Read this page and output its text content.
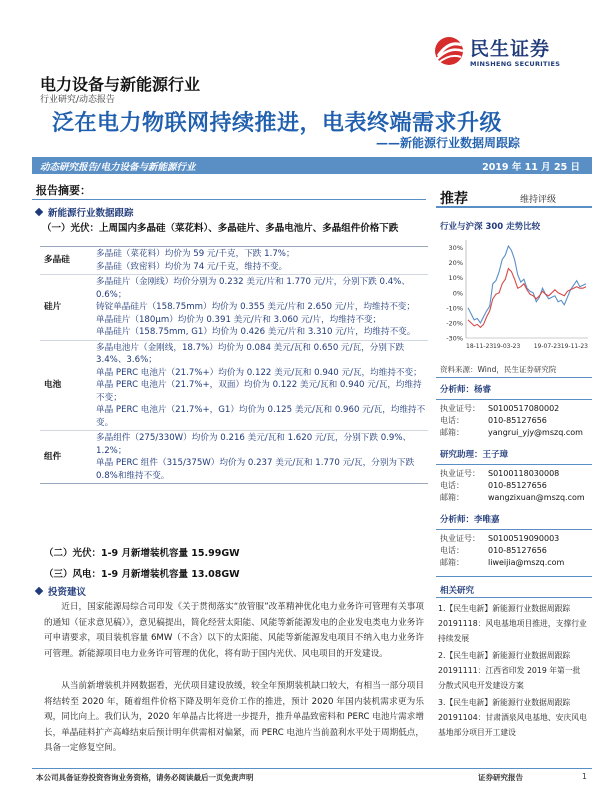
民生证券
MINSHENG SECURITIES
电力设备与新能源行业
行业研究/动态报告
泛在电力物联网持续推进，电表终端需求升级
——新能源行业数据周跟踪
动态研究报告/电力设备与新能源行业	2019 年 11 月 25 日
报告摘要：
新能源行业数据跟踪
（一）光伏：上周国内多晶硅（菜花料）、多晶硅片、多晶电池片、多晶组件价格下跌
多晶硅	多晶硅（菜花料）均价为 59 元/千克，下跌 1.7%；
多晶硅（致密料）均价为 74 元/千克，维持不变。
硅片	多晶硅片（金刚线）均价分别为 0.232 美元/片和 1.770 元/片，分别下跌 0.4%、0.6%；
铸锭单晶硅片（158.75mm）均价为 0.355 美元/片和 2.650 元/片，均维持不变；
单晶硅片（180μm）均价为 0.391 美元/片和 3.060 元/片，均维持不变；
单晶硅片（158.75mm, G1）均价为 0.426 美元/片和 3.310 元/片，均维持不变。
电池	多晶电池片（金刚线，18.7%）均价为 0.084 美元/瓦和 0.650 元/瓦，分别下跌 3.4%、3.6%；
单晶 PERC 电池片（21.7%+）均价为 0.122 美元/瓦和 0.940 元/瓦，均维持不变；
单晶 PERC 电池片（21.7%+，双面）均价为 0.122 美元/瓦和 0.940 元/瓦，均维持不变；
单晶 PERC 电池片（21.7%+，G1）均价为 0.125 美元/瓦和 0.960 元/瓦，均维持不变。
组件	多晶组件（275/330W）均价为 0.216 美元/瓦和 1.620 元/瓦，分别下跌 0.9%、1.2%；
单晶 PERC 组件（315/375W）均价为 0.237 美元/瓦和 1.770 元/瓦，分别为下跌 0.8%和维持不变。
（二）光伏：1-9 月新增装机容量 15.99GW
（三）风电：1-9 月新增装机容量 13.08GW
投资建议
近日，国家能源局综合司印发《关于贯彻落实“放管服”改革精神优化电力业务许可管理有关事项的通知（征求意见稿）》，意见稿提出，简化经营太阳能、风能等新能源发电的企业发电类电力业务许可申请要求，项目装机容量 6MW（不含）以下的太阳能、风能等新能源发电项目不纳入电力业务许可管理。新能源项目电力业务许可管理的优化，将有助于国内光伏、风电项目的开发建设。
从当前新增装机并网数据看，光伏项目建设放缓，较全年预期装机缺口较大，有相当一部分项目将结转至 2020 年，随着组件价格下降及明年竞价工作的推进，预计 2020 年国内装机需求更为乐观，同比向上。我们认为，2020 年单晶占比将进一步提升，推升单晶致密料和 PERC 电池片需求增长，单晶硅料扩产高峰结束后预计明年供需相对偏紧，而 PERC 电池片当前盈利水平处于周期低点，具备一定修复空间。
推荐	维持评级
行业与沪深 300 走势比较
30%
20%
10%
0%
-10%
-20%
-30%
18-11-23 19-03-23 19-07-23 19-11-23
资料来源：Wind，民生证券研究院
分析师：杨睿
执业证号： S0100517080002
电话：	010-85127656
邮箱：	yangrui_yjy@mszq.com
研究助理：王子璋
执业证号： S0100118030008
电话：	010-85127656
邮箱：	wangzixuan@mszq.com
分析师：李唯嘉
执业证号： S0100519090003
电话：	010-85127656
邮箱：	liweijia@mszq.com
相关研究
1.【民生电新】新能源行业数据周跟踪20191118：风电基地项目推进，支撑行业持续发展
2.【民生电新】新能源行业数据周跟踪20191111：江西省印发 2019 年第一批分散式风电开发建设方案
3.【民生电新】新能源行业数据周跟踪20191104：甘肃酒泉风电基地、安庆风电基地部分项目开工建设
本公司具备证券投资咨询业务资格，请务必阅读最后一页免责声明	证券研究报告	1
